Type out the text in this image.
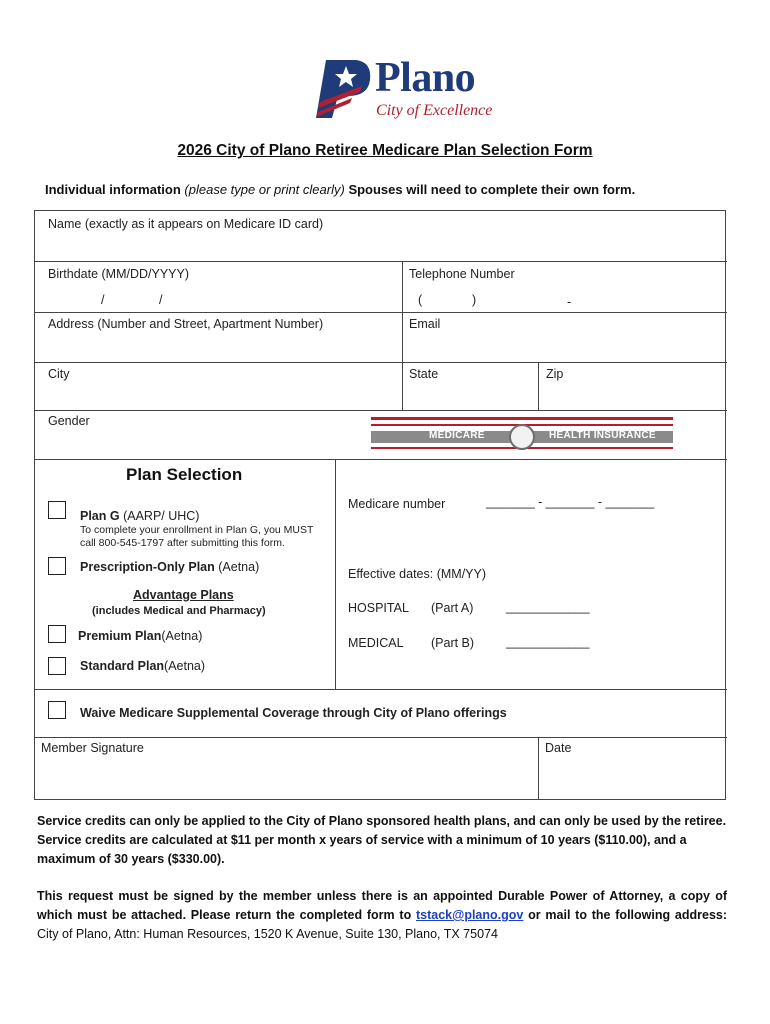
Plano
City of Excellence
2026 City of Plano Retiree Medicare Plan Selection Form
Individual information (please type or print clearly) Spouses will need to complete their own form.
Name (exactly as it appears on Medicare ID card)
Birthdate (MM/DD/YYYY)
/	/
Telephone Number
(	)	-
Address (Number and Street, Apartment Number)	Email
City	State	Zip
Gender
MEDICARE	HEALTH INSURANCE
Plan Selection
Plan G (AARP/ UHC)
To complete your enrollment in Plan G, you MUST
call 800-545-1797 after submitting this form.
Prescription-Only Plan (Aetna)
Advantage Plans
(includes Medical and Pharmacy)
Premium Plan(Aetna)
Standard Plan(Aetna)
Medicare number	_______ - _______ - _______
Effective dates: (MM/YY)
HOSPITAL (Part A)	____________
MEDICAL (Part B)	____________
Waive Medicare Supplemental Coverage through City of Plano offerings
Member Signature	Date
Service credits can only be applied to the City of Plano sponsored health plans, and can only be used by the retiree. Service credits are calculated at $11 per month x years of service with a minimum of 10 years ($110.00), and a maximum of 30 years ($330.00).
This request must be signed by the member unless there is an appointed Durable Power of Attorney, a copy of which must be attached. Please return the completed form to tstack@plano.gov or mail to the following address: City of Plano, Attn: Human Resources, 1520 K Avenue, Suite 130, Plano, TX 75074
